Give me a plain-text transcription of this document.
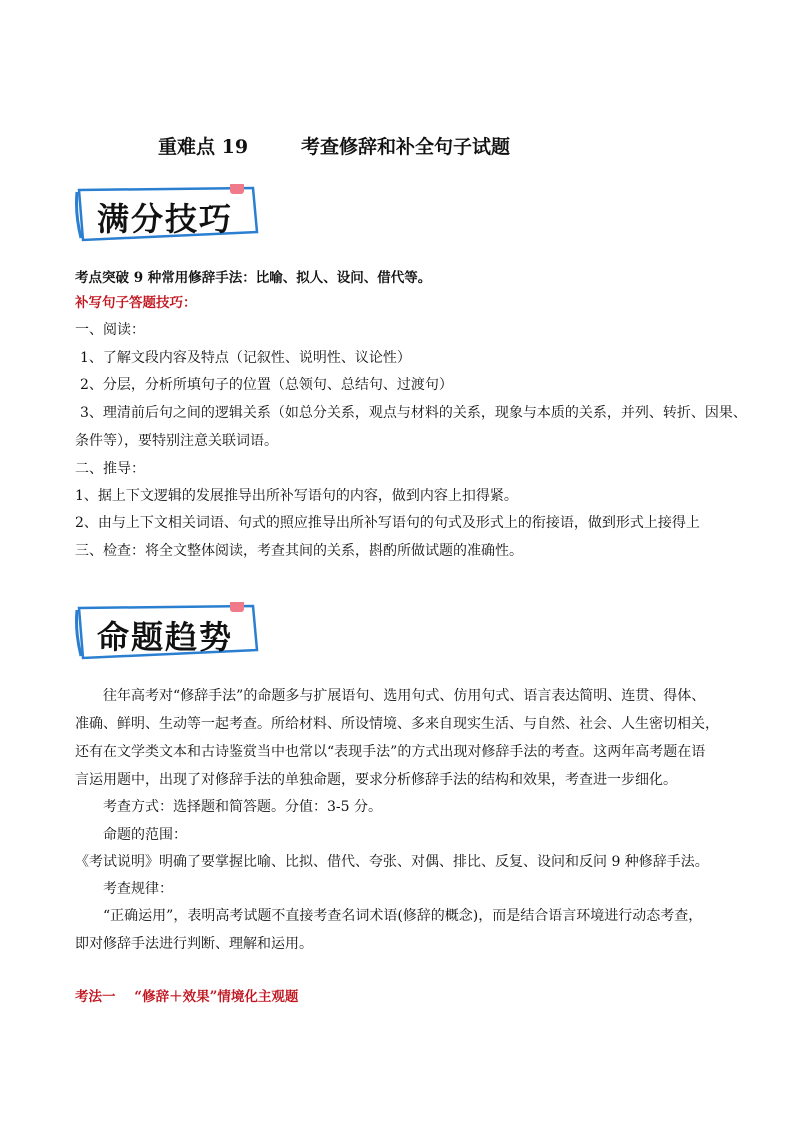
重难点 19        考查修辞和补全句子试题
满分技巧
考点突破 9 种常用修辞手法：比喻、拟人、设问、借代等。
补写句子答题技巧：
一、阅读：
1、了解文段内容及特点（记叙性、说明性、议论性）
2、分层，分析所填句子的位置（总领句、总结句、过渡句）
3、理清前后句之间的逻辑关系（如总分关系，观点与材料的关系，现象与本质的关系，并列、转折、因果、
条件等），要特别注意关联词语。
二、推导：
1、据上下文逻辑的发展推导出所补写语句的内容，做到内容上扣得紧。
2、由与上下文相关词语、句式的照应推导出所补写语句的句式及形式上的衔接语，做到形式上接得上
三、检查：将全文整体阅读，考查其间的关系，斟酌所做试题的准确性。
命题趋势
往年高考对“修辞手法”的命题多与扩展语句、选用句式、仿用句式、语言表达简明、连贯、得体、
准确、鲜明、生动等一起考查。所给材料、所设情境、多来自现实生活、与自然、社会、人生密切相关，
还有在文学类文本和古诗鉴赏当中也常以“表现手法”的方式出现对修辞手法的考查。这两年高考题在语
言运用题中，出现了对修辞手法的单独命题，要求分析修辞手法的结构和效果，考查进一步细化。
考查方式：选择题和简答题。分值：3-5 分。
命题的范围：
《考试说明》明确了要掌握比喻、比拟、借代、夸张、对偶、排比、反复、设问和反问 9 种修辞手法。
考查规律：
“正确运用”，表明高考试题不直接考查名词术语(修辞的概念)，而是结合语言环境进行动态考查，
即对修辞手法进行判断、理解和运用。
考法一    “修辞＋效果”情境化主观题
